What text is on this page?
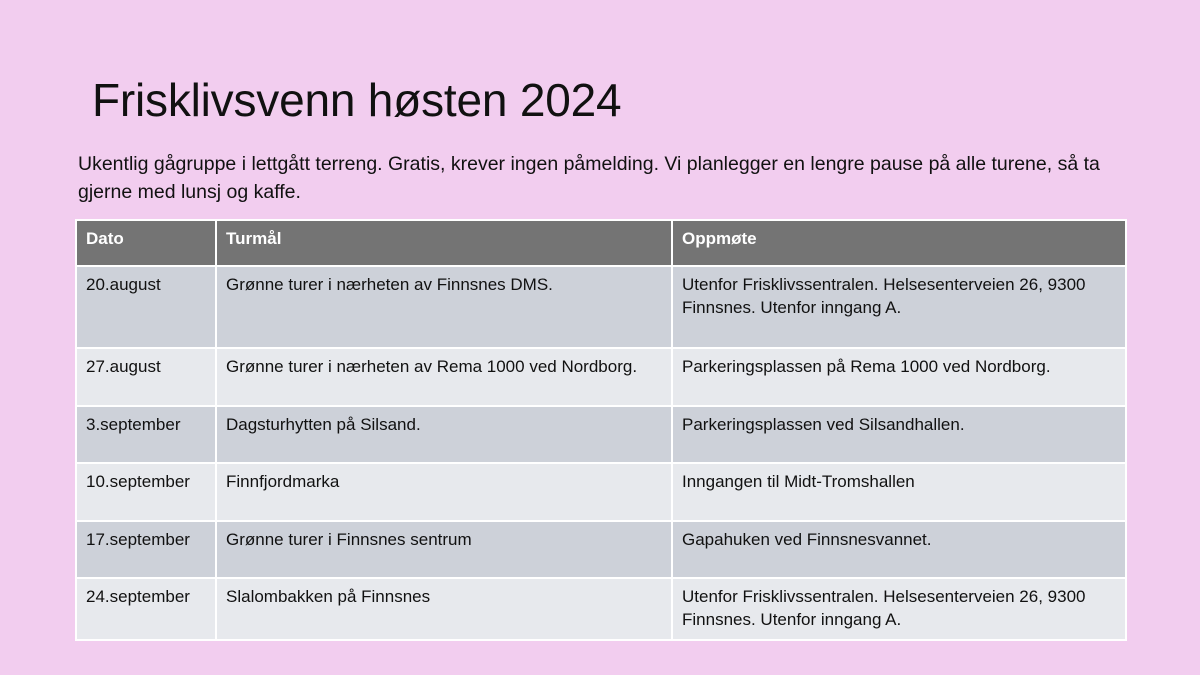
Frisklivsvenn høsten 2024

Ukentlig gågruppe i lettgått terreng. Gratis, krever ingen påmelding. Vi planlegger en lengre pause på alle turene, så ta gjerne med lunsj og kaffe.

Dato	Turmål	Oppmøte
20.august	Grønne turer i nærheten av Finnsnes DMS.	Utenfor Frisklivssentralen. Helsesenterveien 26, 9300 Finnsnes. Utenfor inngang A.
27.august	Grønne turer i nærheten av Rema 1000 ved Nordborg.	Parkeringsplassen på Rema 1000 ved Nordborg.
3.september	Dagsturhytten på Silsand.	Parkeringsplassen ved Silsandhallen.
10.september	Finnfjordmarka	Inngangen til Midt-Tromshallen
17.september	Grønne turer i Finnsnes sentrum	Gapahuken ved Finnsnesvannet.
24.september	Slalombakken på Finnsnes	Utenfor Frisklivssentralen. Helsesenterveien 26, 9300 Finnsnes. Utenfor inngang A.
